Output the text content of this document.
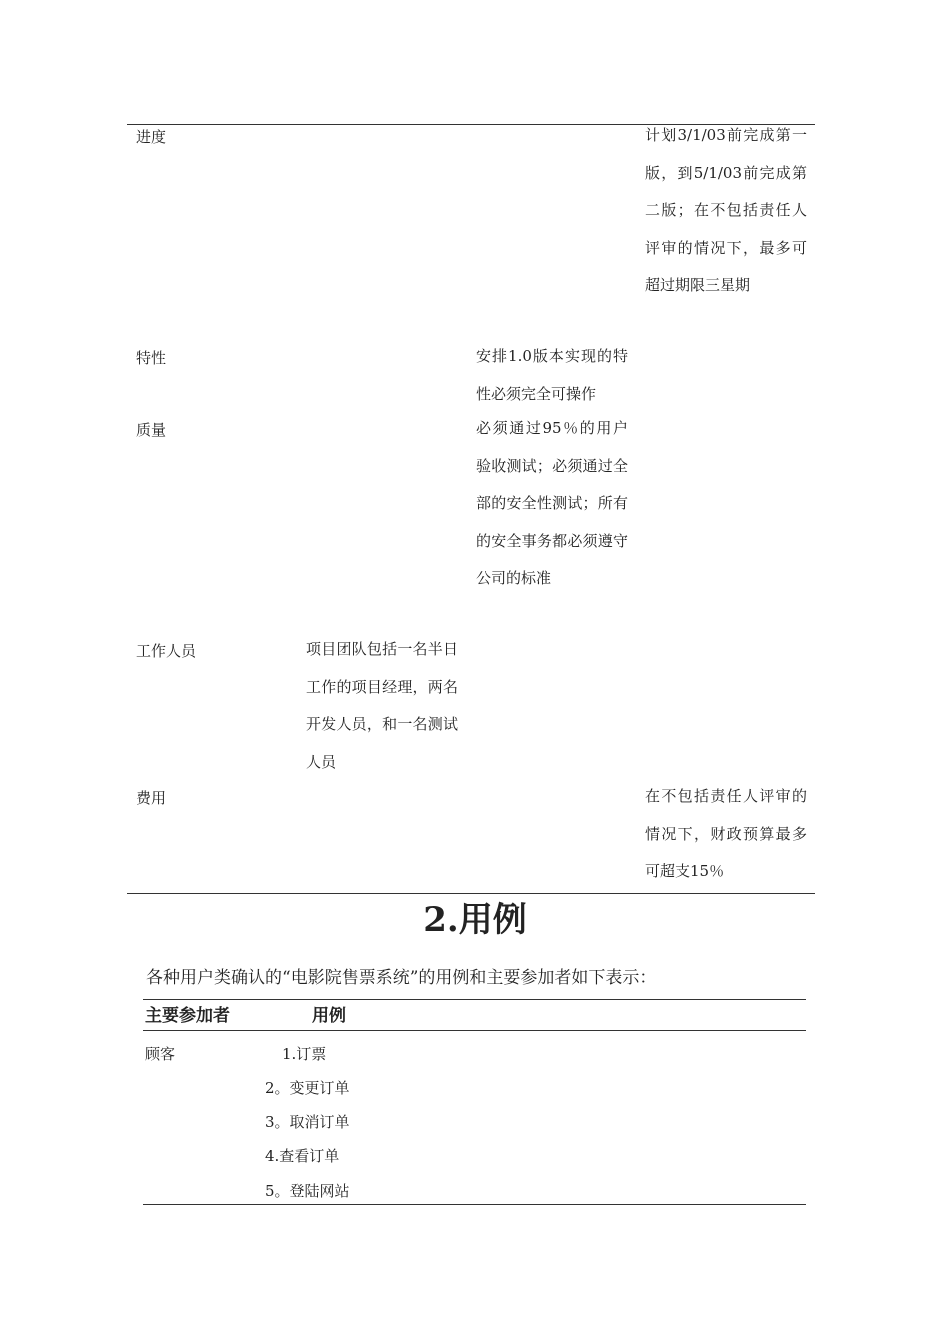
进度	计划3/1/03前完成第一版，到5/1/03前完成第二版；在不包括责任人评审的情况下，最多可超过期限三星期

特性	安排1.0版本实现的特性必须完全可操作

质量	必须通过95％的用户验收测试；必须通过全部的安全性测试；所有的安全事务都必须遵守公司的标准

工作人员	项目团队包括一名半日工作的项目经理，两名开发人员，和一名测试人员

费用	在不包括责任人评审的情况下，财政预算最多可超支15％

2.用例
各种用户类确认的“电影院售票系统”的用例和主要参加者如下表示：
主要参加者	用例
顾客	1.订票
2。变更订单
3。取消订单
4.查看订单
5。登陆网站
